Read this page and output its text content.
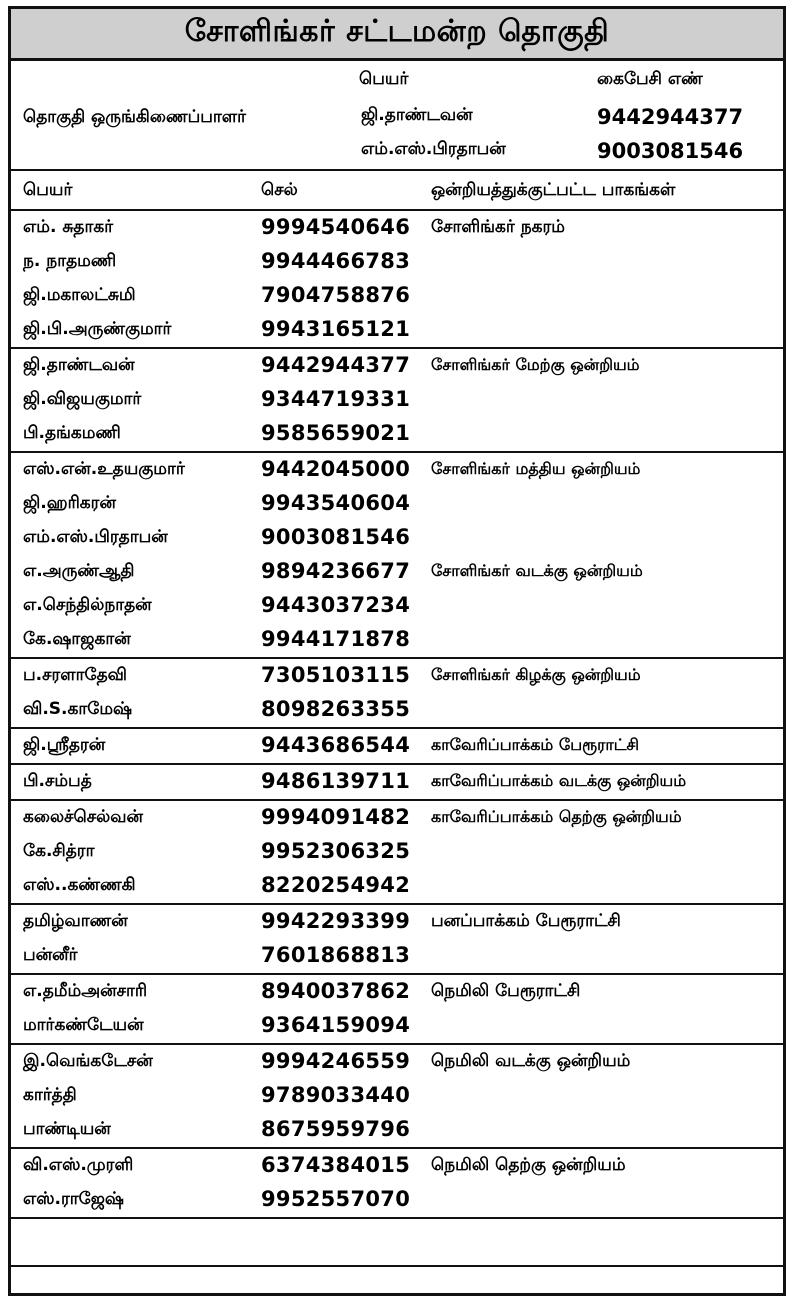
சோளிங்கர் சட்டமன்ற தொகுதி
பெயர்	கைபேசி எண்
தொகுதி ஒருங்கிணைப்பாளர்	ஜி.தாண்டவன்	9442944377
எம்.எஸ்.பிரதாபன்	9003081546
பெயர்	செல்	ஒன்றியத்துக்குட்பட்ட பாகங்கள்
எம். சுதாகர்	9994540646 சோளிங்கர் நகரம்
ந. நாதமணி	9944466783
ஜி.மகாலட்சுமி	7904758876
ஜி.பி.அருண்குமார்	9943165121
ஜி.தாண்டவன்	9442944377 சோளிங்கர் மேற்கு ஒன்றியம்
ஜி.விஜயகுமார்	9344719331
பி.தங்கமணி	9585659021
எஸ்.என்.உதயகுமார்	9442045000 சோளிங்கர் மத்திய ஒன்றியம்
ஜி.ஹரிகரன்	9943540604
எம்.எஸ்.பிரதாபன்	9003081546
எ.அருண்ஆதி	9894236677 சோளிங்கர் வடக்கு ஒன்றியம்
எ.செந்தில்நாதன்	9443037234
கே.ஷாஜகான்	9944171878
ப.சரளாதேவி	7305103115 சோளிங்கர் கிழக்கு ஒன்றியம்
வி.S.காமேஷ்	8098263355
ஜி.ஸ்ரீதரன்	9443686544 காவேரிப்பாக்கம் பேரூராட்சி
பி.சம்பத்	9486139711 காவேரிப்பாக்கம் வடக்கு ஒன்றியம்
கலைச்செல்வன்	9994091482 காவேரிப்பாக்கம் தெற்கு ஒன்றியம்
கே.சித்ரா	9952306325
எஸ்..கண்ணகி	8220254942
தமிழ்வாணன்	9942293399 பனப்பாக்கம் பேரூராட்சி
பன்னீர்	7601868813
எ.தமீம்அன்சாரி	8940037862 நெமிலி பேரூராட்சி
மார்கண்டேயன்	9364159094
இ.வெங்கடேசன்	9994246559 நெமிலி வடக்கு ஒன்றியம்
கார்த்தி	9789033440
பாண்டியன்	8675959796
வி.எஸ்.முரளி	6374384015 நெமிலி தெற்கு ஒன்றியம்
எஸ்.ராஜேஷ்	9952557070
